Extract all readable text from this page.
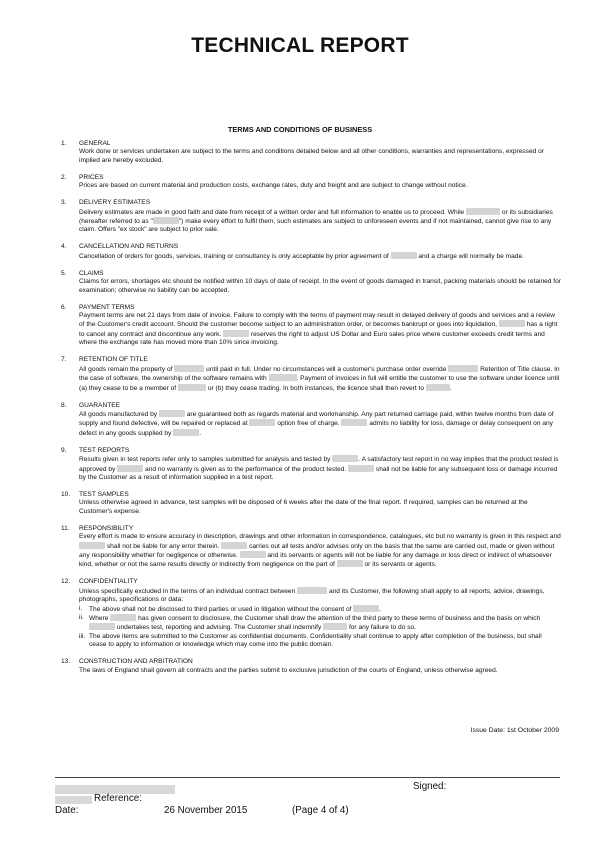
TECHNICAL REPORT
TERMS AND CONDITIONS OF BUSINESS
1. GENERAL
Work done or services undertaken are subject to the terms and conditions detailed below and all other conditions, warranties and representations, expressed or implied are hereby excluded.
2. PRICES
Prices are based on current material and production costs, exchange rates, duty and freight and are subject to change without notice.
3. DELIVERY ESTIMATES
Delivery estimates are made in good faith and date from receipt of a written order and full information to enable us to proceed. While	or its subsidiaries (hereafter referred to as "	") make every effort to fulfil them, such estimates are subject to unforeseen events and if not maintained, cannot give rise to any claim. Offers "ex stock" are subject to prior sale.
4. CANCELLATION AND RETURNS
Cancellation of orders for goods, services, training or consultancy is only acceptable by prior agreement of	and a charge will normally be made.
5. CLAIMS
Claims for errors, shortages etc should be notified within 10 days of date of receipt. In the event of goods damaged in transit, packing materials should be retained for examination; otherwise no liability can be accepted.
6. PAYMENT TERMS
Payment terms are net 21 days from date of invoice. Failure to comply with the terms of payment may result in delayed delivery of goods and services and a review of the Customer's credit account. Should the customer become subject to an administration order, or becomes bankrupt or goes into liquidation,	has a right to cancel any contract and discontinue any work.	reserves the right to adjust US Dollar and Euro sales price where customer exceeds credit terms and where the exchange rate has moved more than 10% since invoicing.
7. RETENTION OF TITLE
All goods remain the property of	until paid in full. Under no circumstances will a customer's purchase order override	Retention of Title clause. In the case of software, the ownership of the software remains with	. Payment of invoices in full will entitle the customer to use the software under licence until (a) they cease to be a member of	or (b) they cease trading. In both instances, the licence shall then revert to	.
8. GUARANTEE
All goods manufactured by	are guaranteed both as regards material and workmanship. Any part returned carriage paid, within twelve months from date of supply and found defective, will be repaired or replaced at	option free of charge.	admits no liability for loss, damage or delay consequent on any defect in any goods supplied by	.
9. TEST REPORTS
Results given in test reports refer only to samples submitted for analysis and tested by	. A satisfactory test report in no way implies that the product tested is approved by	and no warranty is given as to the performance of the product tested.	shall not be liable for any subsequent loss or damage incurred by the Customer as a result of information supplied in a test report.
10. TEST SAMPLES
Unless otherwise agreed in advance, test samples will be disposed of 6 weeks after the date of the final report. If required, samples can be returned at the Customer's expense.
11. RESPONSIBILITY
Every effort is made to ensure accuracy in description, drawings and other information in correspondence, catalogues, etc but no warranty is given in this respect and  shall not be liable for any error therein.	carries out all tests and/or advises only on the basis that the same are carried out, made or given without any responsibility whether for negligence or otherwise.	and its servants or agents will not be liable for any damage or loss direct or indirect of whatsoever kind, whether or not the same results directly or indirectly from negligence on the part of	or its servants or agents.
12. CONFIDENTIALITY
Unless specifically excluded in the terms of an individual contract between	and its Customer, the following shall apply to all reports, advice, drawings, photographs, specifications or data:
i. The above shall not be disclosed to third parties or used in litigation without the consent of	.
ii. Where	has given consent to disclosure, the Customer shall draw the attention of the third party to these terms of business and the basis on which  undertakes test, reporting and advising. The Customer shall indemnify	for any failure to do so.
iii. The above items are submitted to the Customer as confidential documents. Confidentiality shall continue to apply after completion of the business, but shall cease to apply to information or knowledge which may come into the public domain.
13. CONSTRUCTION AND ARBITRATION
The laws of England shall govern all contracts and the parties submit to exclusive jurisdiction of the courts of England, unless otherwise agreed.
Issue Date: 1st October 2009
Signed:
Reference:
Date:	26 November 2015	(Page 4 of 4)
